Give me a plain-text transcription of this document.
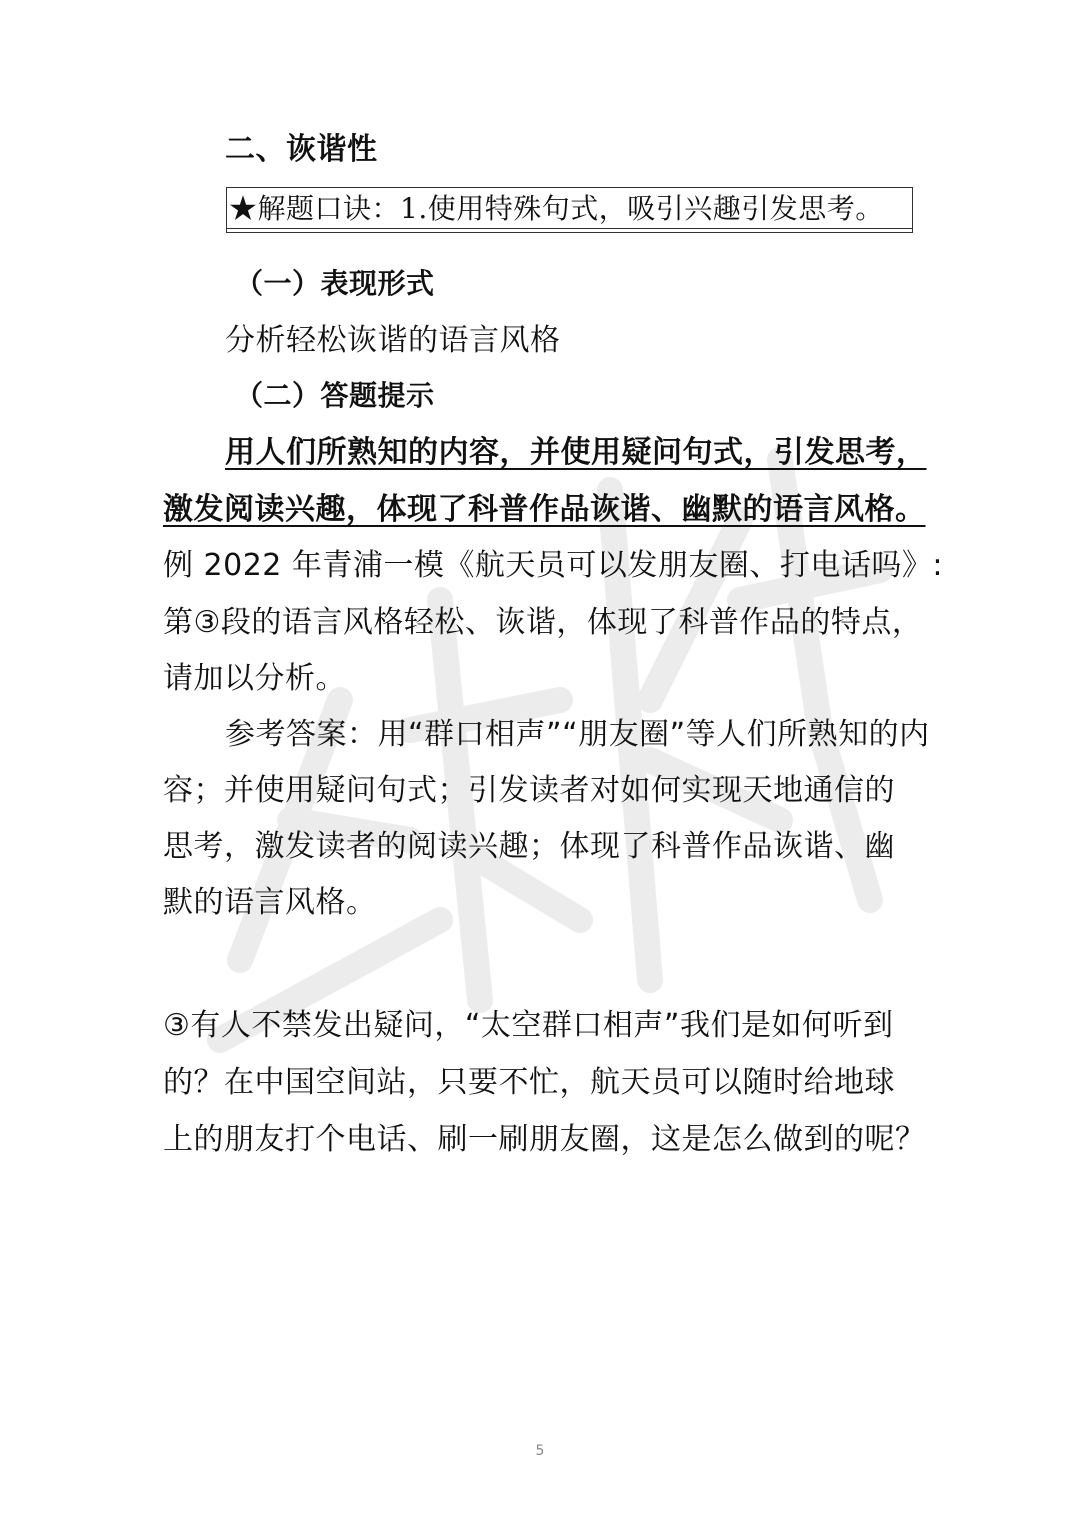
二、诙谐性
★解题口诀：1.使用特殊句式，吸引兴趣引发思考。
（一）表现形式
分析轻松诙谐的语言风格
（二）答题提示
用人们所熟知的内容，并使用疑问句式，引发思考，
激发阅读兴趣，体现了科普作品诙谐、幽默的语言风格。
例 2022 年青浦一模《航天员可以发朋友圈、打电话吗》:
第③段的语言风格轻松、诙谐，体现了科普作品的特点，
请加以分析。
参考答案：用“群口相声”“朋友圈”等人们所熟知的内
容；并使用疑问句式；引发读者对如何实现天地通信的
思考，激发读者的阅读兴趣；体现了科普作品诙谐、幽
默的语言风格。
③有人不禁发出疑问，“太空群口相声”我们是如何听到
的？在中国空间站，只要不忙，航天员可以随时给地球
上的朋友打个电话、刷一刷朋友圈，这是怎么做到的呢？
5
